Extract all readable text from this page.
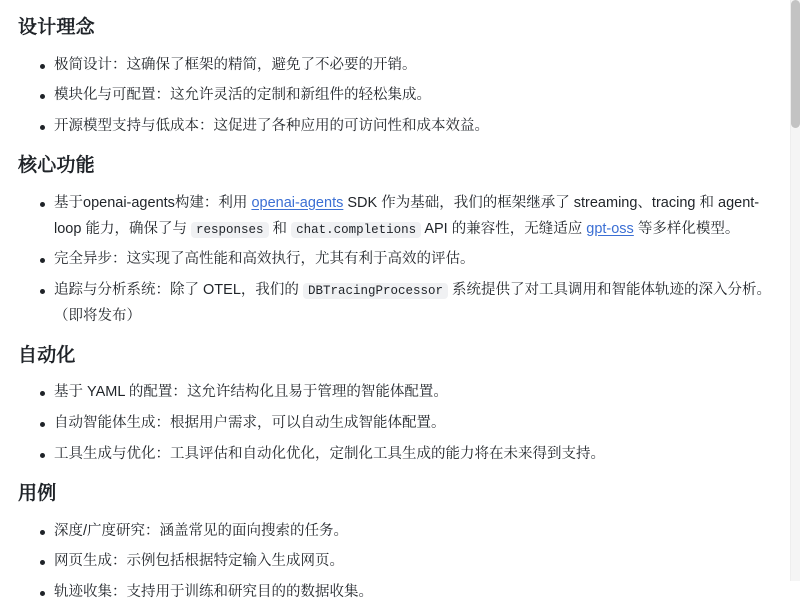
设计理念
极简设计：这确保了框架的精简，避免了不必要的开销。
模块化与可配置：这允许灵活的定制和新组件的轻松集成。
开源模型支持与低成本：这促进了各种应用的可访问性和成本效益。
核心功能
基于openai-agents构建：利用 openai-agents SDK 作为基础，我们的框架继承了 streaming、tracing 和 agent-loop 能力，确保了与 responses 和 chat.completions API 的兼容性，无缝适应 gpt-oss 等多样化模型。
完全异步：这实现了高性能和高效执行，尤其有利于高效的评估。
追踪与分析系统：除了 OTEL，我们的 DBTracingProcessor 系统提供了对工具调用和智能体轨迹的深入分析。（即将发布）
自动化
基于 YAML 的配置：这允许结构化且易于管理的智能体配置。
自动智能体生成：根据用户需求，可以自动生成智能体配置。
工具生成与优化：工具评估和自动化优化，定制化工具生成的能力将在未来得到支持。
用例
深度/广度研究：涵盖常见的面向搜索的任务。
网页生成：示例包括根据特定输入生成网页。
轨迹收集：支持用于训练和研究目的的数据收集。
